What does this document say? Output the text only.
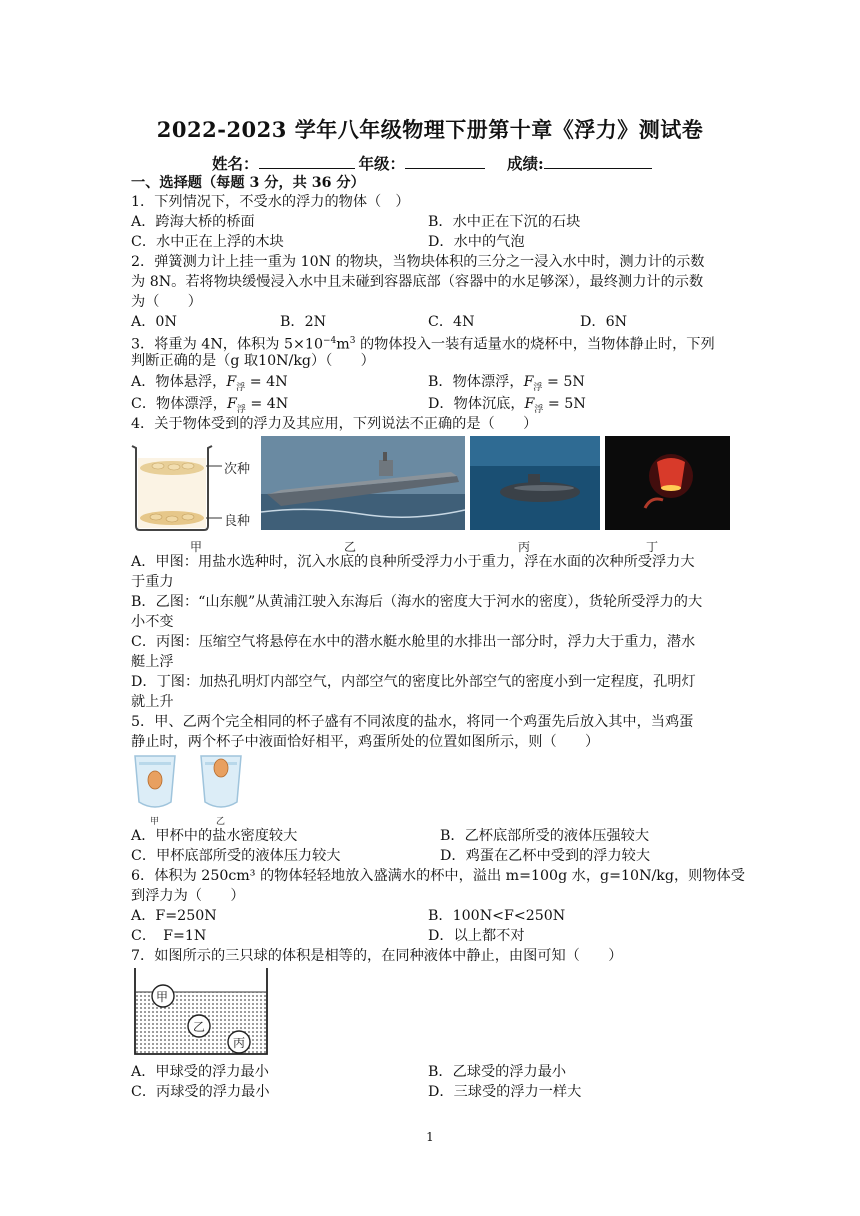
2022-2023 学年八年级物理下册第十章《浮力》测试卷
姓名：	年级：	成绩:
一、选择题（每题 3 分，共 36 分）
1．下列情况下，不受水的浮力的物体（　）
A．跨海大桥的桥面	B．水中正在下沉的石块
C．水中正在上浮的木块	D．水中的气泡
2．弹簧测力计上挂一重为 10N 的物块，当物块体积的三分之一浸入水中时，测力计的示数
为 8N。若将物块缓慢浸入水中且未碰到容器底部（容器中的水足够深），最终测力计的示数
为（　　）
A．0N	B．2N	C．4N	D．6N
3．将重为 4N，体积为 $5\times 10^{-4}m^3$ 的物体投入一装有适量水的烧杯中，当物体静止时，下列
判断正确的是（g 取10N/kg）（　　）
A．物体悬浮，$F_浮 = 4N$	B．物体漂浮，$F_浮 = 5N$
C．物体漂浮，$F_浮 = 4N$	D．物体沉底，$F_浮 = 5N$
4．关于物体受到的浮力及其应用，下列说法不正确的是（　　）
次种
良种
甲	乙	丙	丁
A．甲图：用盐水选种时，沉入水底的良种所受浮力小于重力，浮在水面的次种所受浮力大
于重力
B．乙图：“山东舰”从黄浦江驶入东海后（海水的密度大于河水的密度），货轮所受浮力的大
小不变
C．丙图：压缩空气将悬停在水中的潜水艇水舱里的水排出一部分时，浮力大于重力，潜水
艇上浮
D．丁图：加热孔明灯内部空气，内部空气的密度比外部空气的密度小到一定程度，孔明灯
就上升
5．甲、乙两个完全相同的杯子盛有不同浓度的盐水，将同一个鸡蛋先后放入其中，当鸡蛋
静止时，两个杯子中液面恰好相平，鸡蛋所处的位置如图所示，则（　　）
甲	乙
A．甲杯中的盐水密度较大	B．乙杯底部所受的液体压强较大
C．甲杯底部所受的液体压力较大	D．鸡蛋在乙杯中受到的浮力较大
6．体积为 250cm³ 的物体轻轻地放入盛满水的杯中，溢出 m=100g 水，g=10N/kg，则物体受
到浮力为（　　）
A．F=250N	B．100N<F<250N
C．　F=1N	D．以上都不对
7．如图所示的三只球的体积是相等的，在同种液体中静止，由图可知（　　）
甲
乙
丙
A．甲球受的浮力最小	B．乙球受的浮力最小
C．丙球受的浮力最小	D．三球受的浮力一样大
1
